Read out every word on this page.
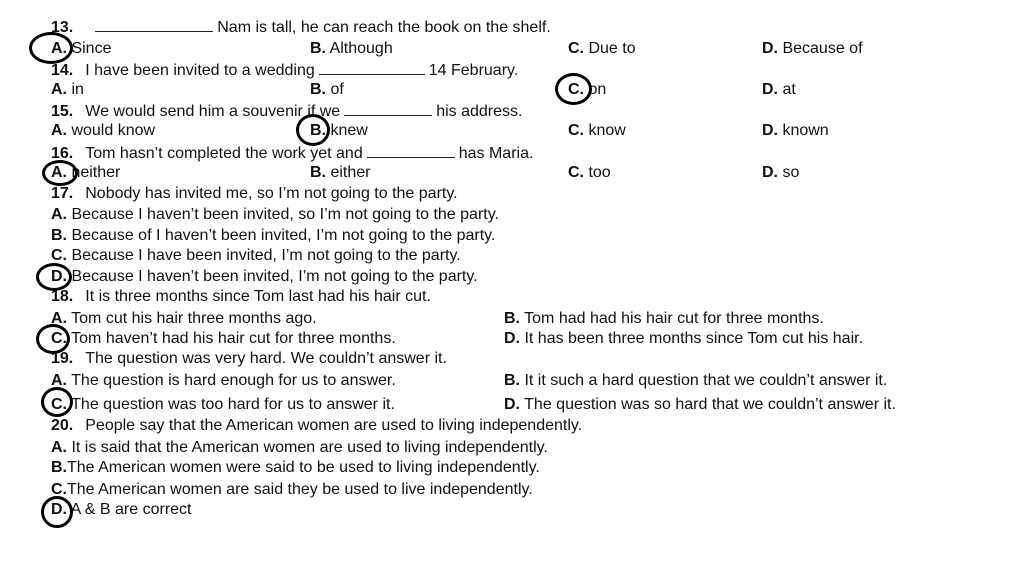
13.	Nam is tall, he can reach the book on the shelf.
A. Since	B. Although	C. Due to	D. Because of
14. I have been invited to a wedding	14 February.
A. in	B. of	C. on	D. at
15. We would send him a souvenir if we	his address.
A. would know	B. knew	C. know	D. known
16. Tom hasn’t completed the work yet and	has Maria.
A. neither	B. either	C. too	D. so
17. Nobody has invited me, so I’m not going to the party.
A. Because I haven’t been invited, so I’m not going to the party.
B. Because of I haven’t been invited, I’m not going to the party.
C. Because I have been invited, I’m not going to the party.
D. Because I haven’t been invited, I’m not going to the party.
18. It is three months since Tom last had his hair cut.
A. Tom cut his hair three months ago.	B. Tom had had his hair cut for three months.
C. Tom haven’t had his hair cut for three months.	D. It has been three months since Tom cut his hair.
19. The question was very hard. We couldn’t answer it.
A. The question is hard enough for us to answer.	B. It it such a hard question that we couldn’t answer it.
C. The question was too hard for us to answer it.	D. The question was so hard that we couldn’t answer it.
20. People say that the American women are used to living independently.
A. It is said that the American women are used to living independently.
B.The American women were said to be used to living independently.
C.The American women are said they be used to live independently.
D. A & B are correct
